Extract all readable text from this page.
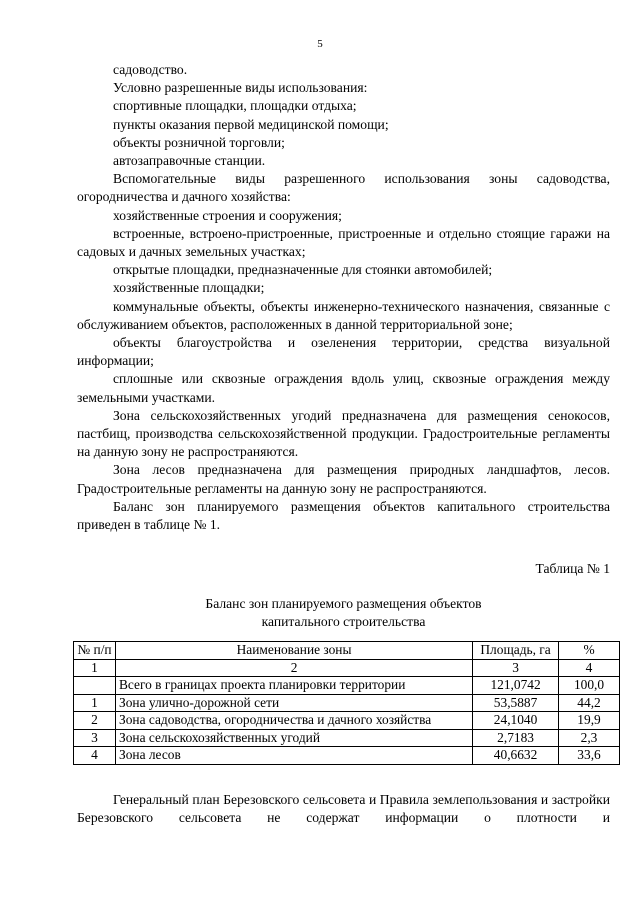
5

садоводство.

Условно разрешенные виды использования:

спортивные площадки, площадки отдыха;

пункты оказания первой медицинской помощи;

объекты розничной торговли;

автозаправочные станции.

Вспомогательные виды разрешенного использования зоны садоводства, огородничества и дачного хозяйства:

хозяйственные строения и сооружения;

встроенные, встроено-пристроенные, пристроенные и отдельно стоящие гаражи на садовых и дачных земельных участках;

открытые площадки, предназначенные для стоянки автомобилей;

хозяйственные площадки;

коммунальные объекты, объекты инженерно-технического назначения, связанные с обслуживанием объектов, расположенных в данной территориальной зоне;

объекты благоустройства и озеленения территории, средства визуальной информации;

сплошные или сквозные ограждения вдоль улиц, сквозные ограждения между земельными участками.

Зона сельскохозяйственных угодий предназначена для размещения сенокосов, пастбищ, производства сельскохозяйственной продукции. Градостроительные регламенты на данную зону не распространяются.

Зона лесов предназначена для размещения природных ландшафтов, лесов. Градостроительные регламенты на данную зону не распространяются.

Баланс зон планируемого размещения объектов капитального строительства приведен в таблице № 1.

Таблица № 1
Баланс зон планируемого размещения объектов
капитального строительства
№ п/п	Наименование зоны	Площадь, га	%
1	2	3	4
	Всего в границах проекта планировки территории	121,0742	100,0
1	Зона улично-дорожной сети	53,5887	44,2
2	Зона садоводства, огородничества и дачного хозяйства	24,1040	19,9
3	Зона сельскохозяйственных угодий	2,7183	2,3
4	Зона лесов	40,6632	33,6

Генеральный план Березовского сельсовета и Правила землепользования и застройки Березовского сельсовета не содержат информации о плотности и
